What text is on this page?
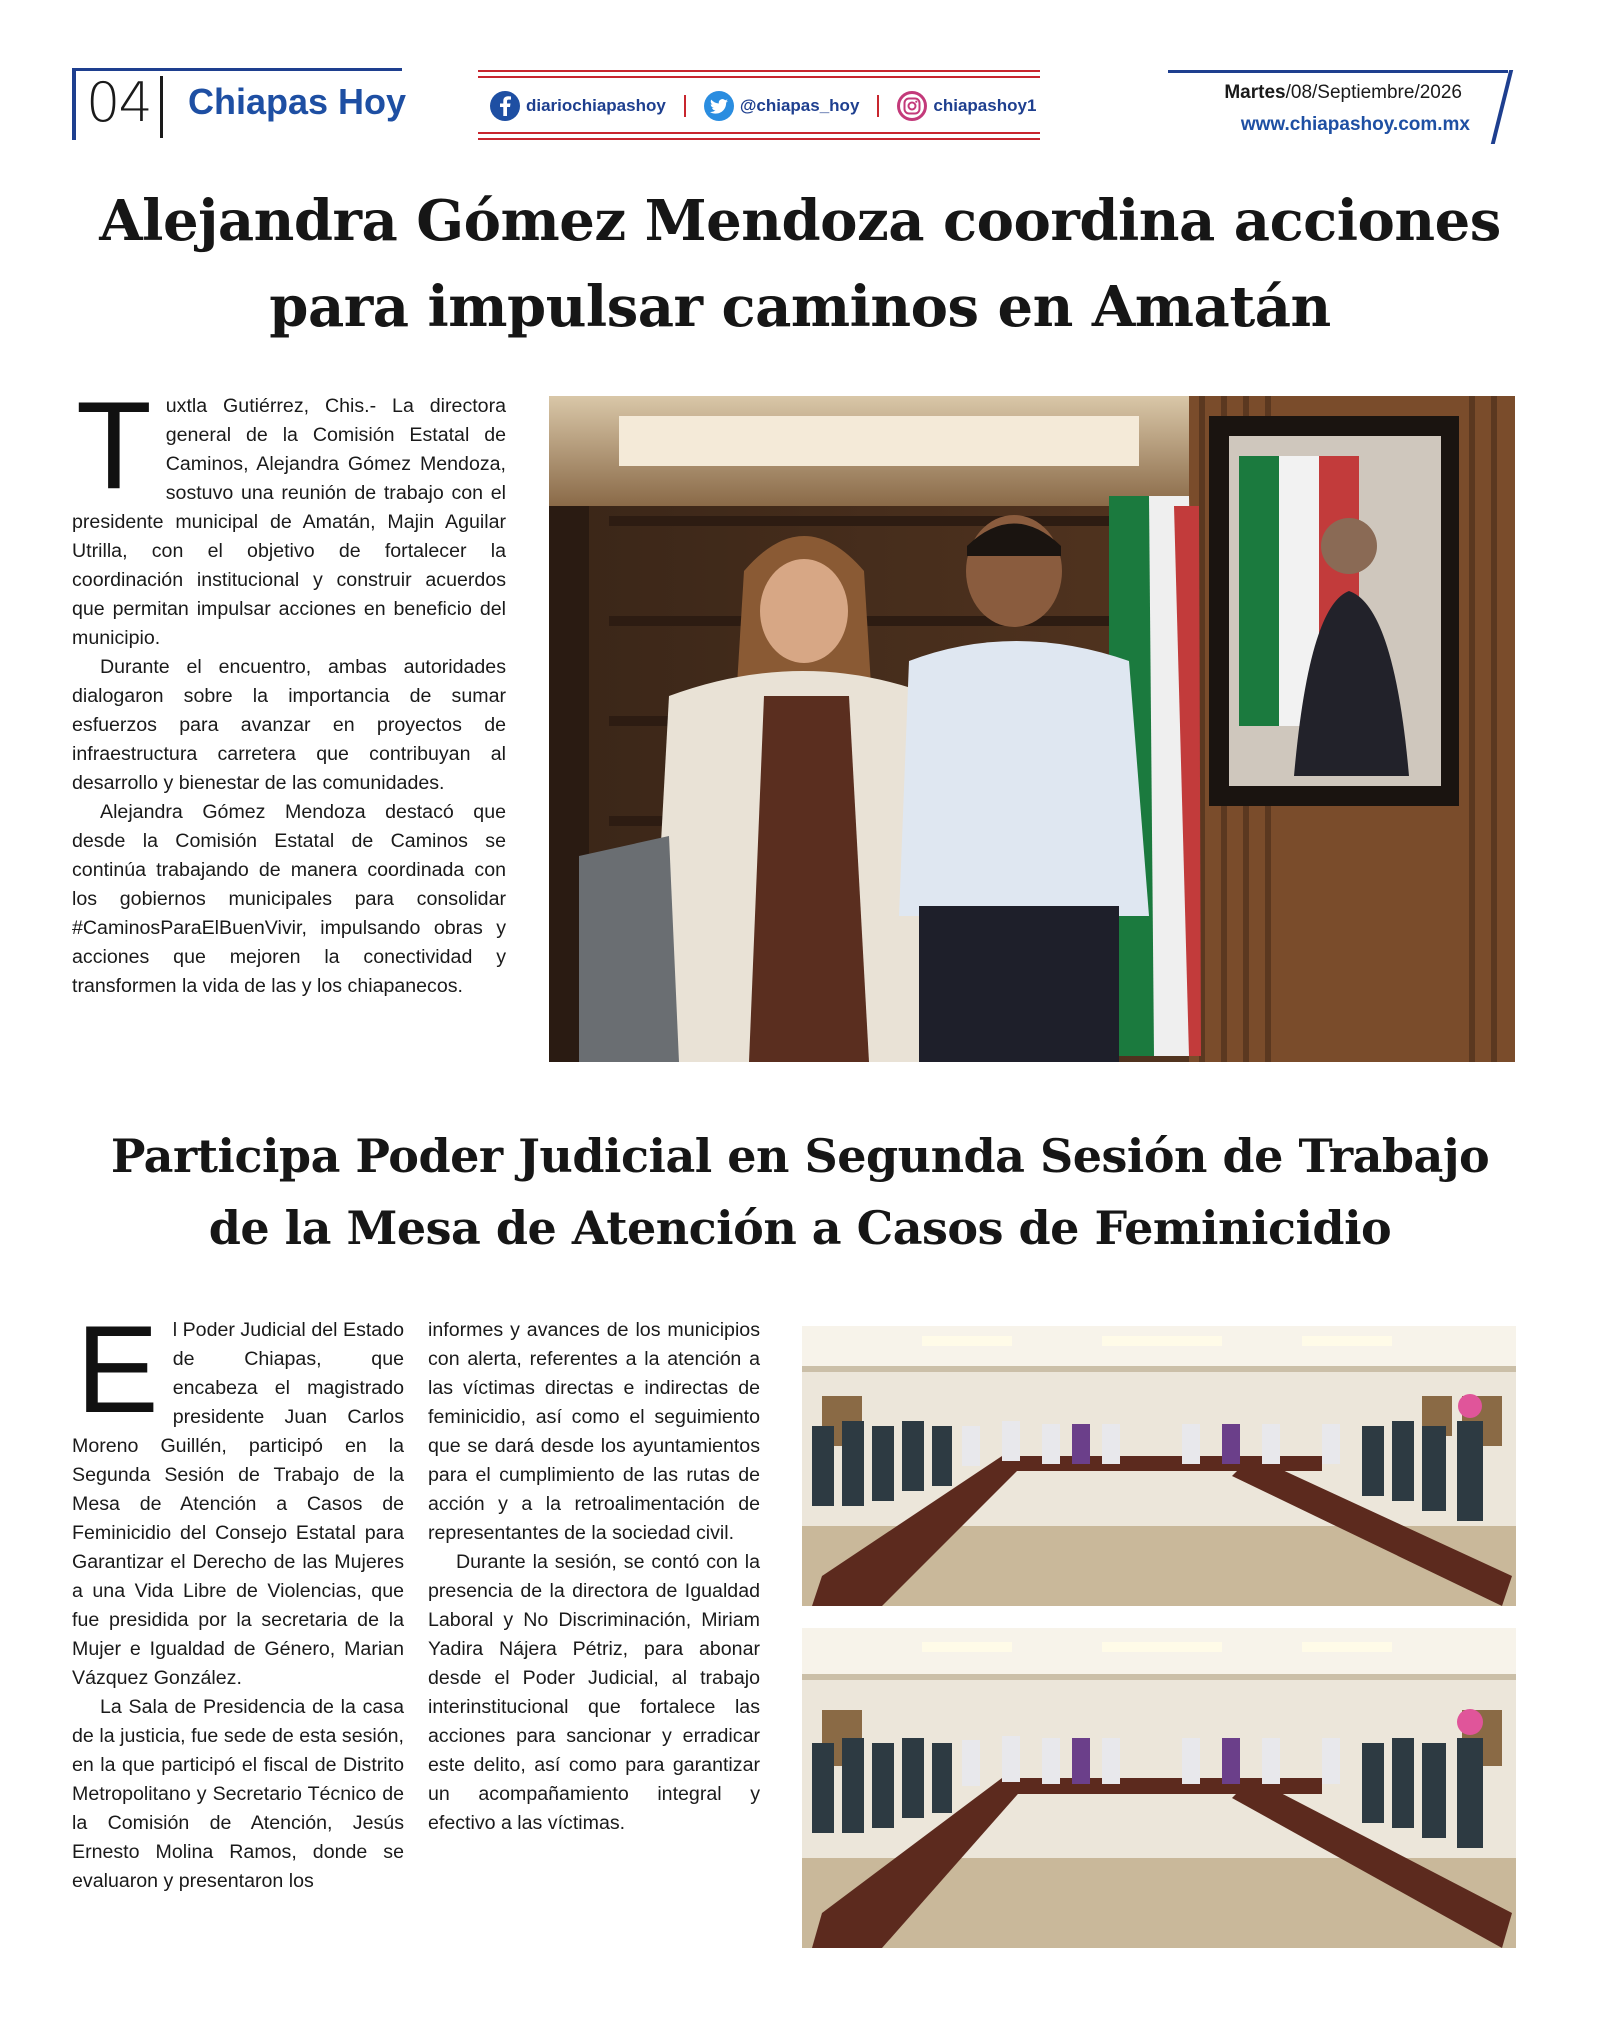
04 Chiapas Hoy	diariochiapashoy	@chiapas_hoy	chiapashoy1
Martes/08/Septiembre/2026
www.chiapashoy.com.mx
Alejandra Gómez Mendoza coordina acciones
para impulsar caminos en Amatán

Tuxtla Gutiérrez, Chis.- La directora general de la Comisión Estatal de Caminos, Alejandra Gómez Mendoza, sostuvo una reunión de trabajo con el presidente municipal de Amatán, Majin Aguilar Utrilla, con el objetivo de fortalecer la coordinación institucional y construir acuerdos que permitan impulsar acciones en beneficio del municipio.

Durante el encuentro, ambas autoridades dialogaron sobre la importancia de sumar esfuerzos para avanzar en proyectos de infraestructura carretera que contribuyan al desarrollo y bienestar de las comunidades.

Alejandra Gómez Mendoza destacó que desde la Comisión Estatal de Caminos se continúa trabajando de manera coordinada con los gobiernos municipales para consolidar #CaminosParaElBuenVivir, impulsando obras y acciones que mejoren la conectividad y transformen la vida de las y los chiapanecos.

Participa Poder Judicial en Segunda Sesión de Trabajo
de la Mesa de Atención a Casos de Feminicidio

El Poder Judicial del Estado de Chiapas, que encabeza el magistrado presidente Juan Carlos Moreno Guillén, participó en la Segunda Sesión de Trabajo de la Mesa de Atención a Casos de Feminicidio del Consejo Estatal para Garantizar el Derecho de las Mujeres a una Vida Libre de Violencias, que fue presidida por la secretaria de la Mujer e Igualdad de Género, Marian Vázquez González.

La Sala de Presidencia de la casa de la justicia, fue sede de esta sesión, en la que participó el fiscal de Distrito Metropolitano y Secretario Técnico de la Comisión de Atención, Jesús Ernesto Molina Ramos, donde se evaluaron y presentaron los

informes y avances de los municipios con alerta, referentes a la atención a las víctimas directas e indirectas de feminicidio, así como el seguimiento que se dará desde los ayuntamientos para el cumplimiento de las rutas de acción y a la retroalimentación de representantes de la sociedad civil.

Durante la sesión, se contó con la presencia de la directora de Igualdad Laboral y No Discriminación, Miriam Yadira Nájera Pétriz, para abonar desde el Poder Judicial, al trabajo interinstitucional que fortalece las acciones para sancionar y erradicar este delito, así como para garantizar un acompañamiento integral y efectivo a las víctimas.
